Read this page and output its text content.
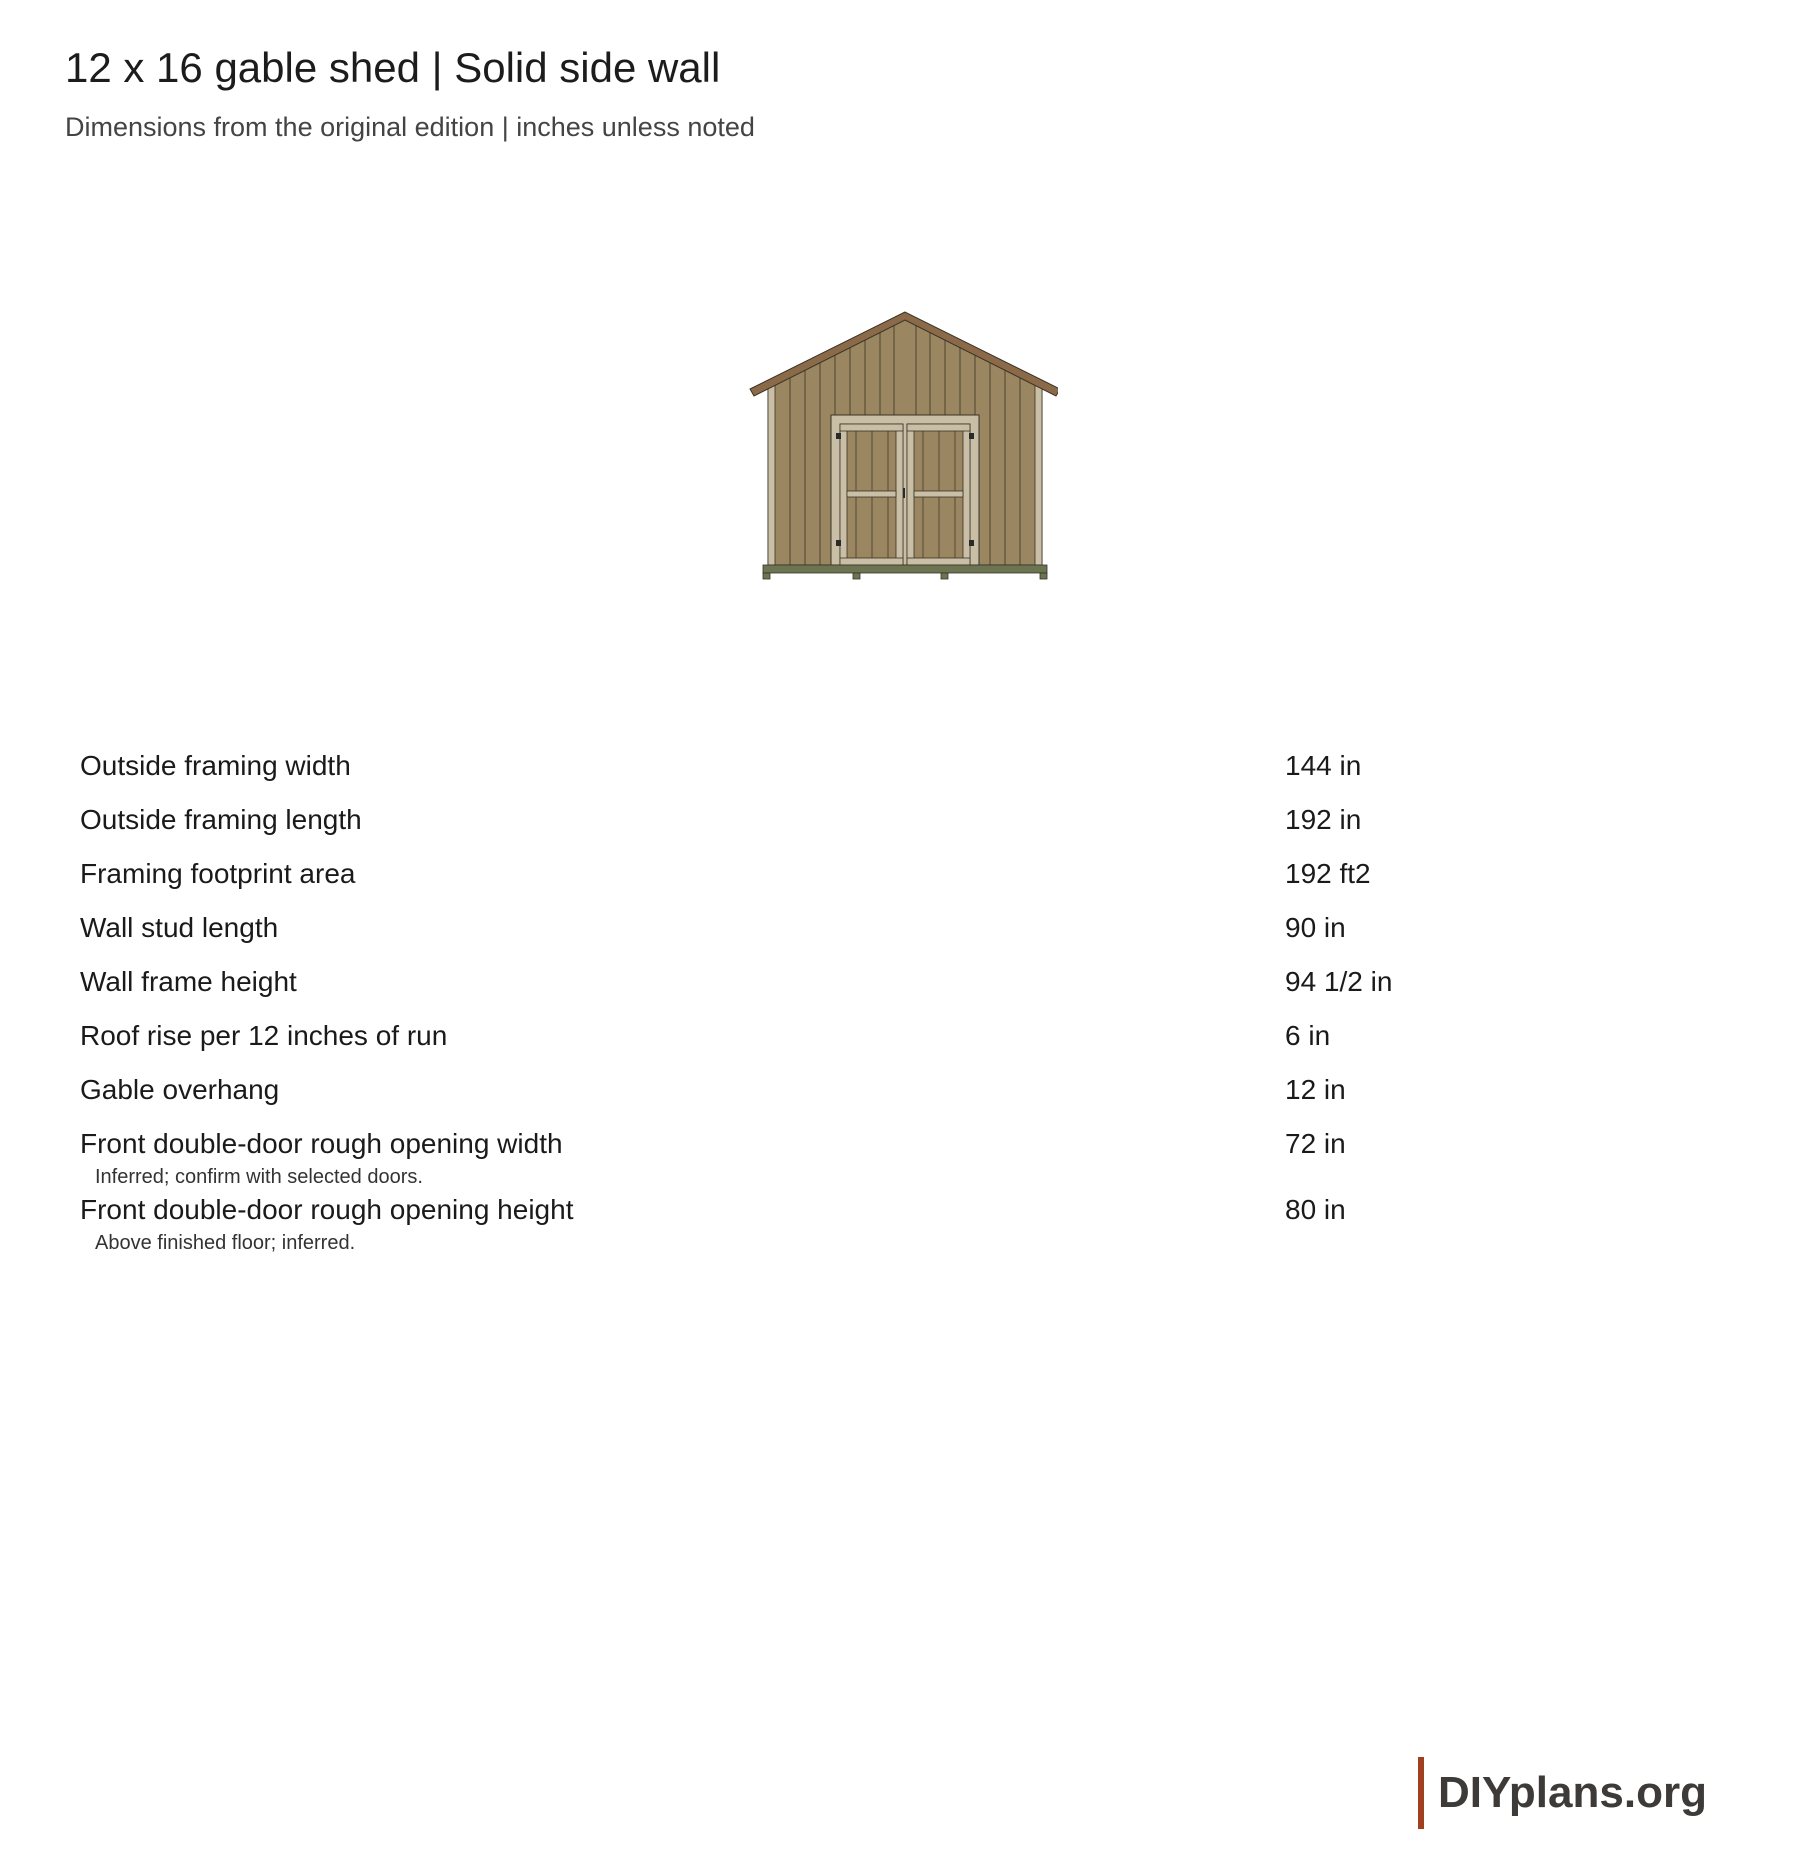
12 x 16 gable shed | Solid side wall

Dimensions from the original edition | inches unless noted

Outside framing width	144 in
Outside framing length	192 in
Framing footprint area	192 ft2
Wall stud length	90 in
Wall frame height	94 1/2 in
Roof rise per 12 inches of run	6 in
Gable overhang	12 in
Front double-door rough opening width	72 in
Inferred; confirm with selected doors.
Front double-door rough opening height	80 in
Above finished floor; inferred.
DIYplans.org
